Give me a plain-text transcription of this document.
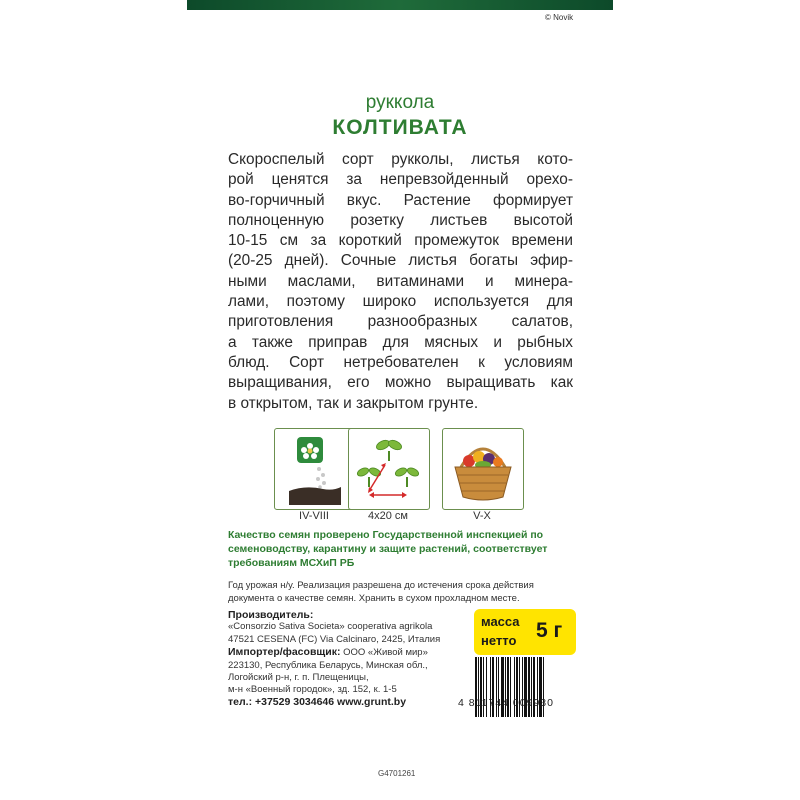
© Novik
руккола
КОЛТИВАТА
Скороспелый сорт рукколы, листья кото-
рой ценятся за непревзойденный орехо-
во-горчичный вкус. Растение формирует
полноценную розетку листьев высотой
10-15 см за короткий промежуток времени
(20-25 дней). Сочные листья богаты эфир-
ными маслами, витаминами и минера-
лами, поэтому широко используется для
приготовления разнообразных салатов,
а также приправ для мясных и рыбных
блюд. Сорт нетребователен к условиям
выращивания, его можно выращивать как
в открытом, так и закрытом грунте.
IV-VIII	4x20 см	V-X
Качество семян проверено Государственной инспекцией по
семеноводству, карантину и защите растений, соответствует
требованиям МСХиП РБ
Год урожая н/у. Реализация разрешена до истечения срока действия
документа о качестве семян. Хранить в сухом прохладном месте.
Производитель:
«Consorzio Sativa Societa» cooperativa agrikola
47521 CESENA (FC) Via Calcinaro, 2425, Италия
Импортер/фасовщик: ООО «Живой мир»
223130, Республика Беларусь, Минская обл.,
Логойский р-н, г. п. Плещеницы,
м-н «Военный городок», зд. 152, к. 1-5
масса
нетто 5 г
4 811744 009930
тел.: +37529 3034646 www.grunt.by
G4701261
